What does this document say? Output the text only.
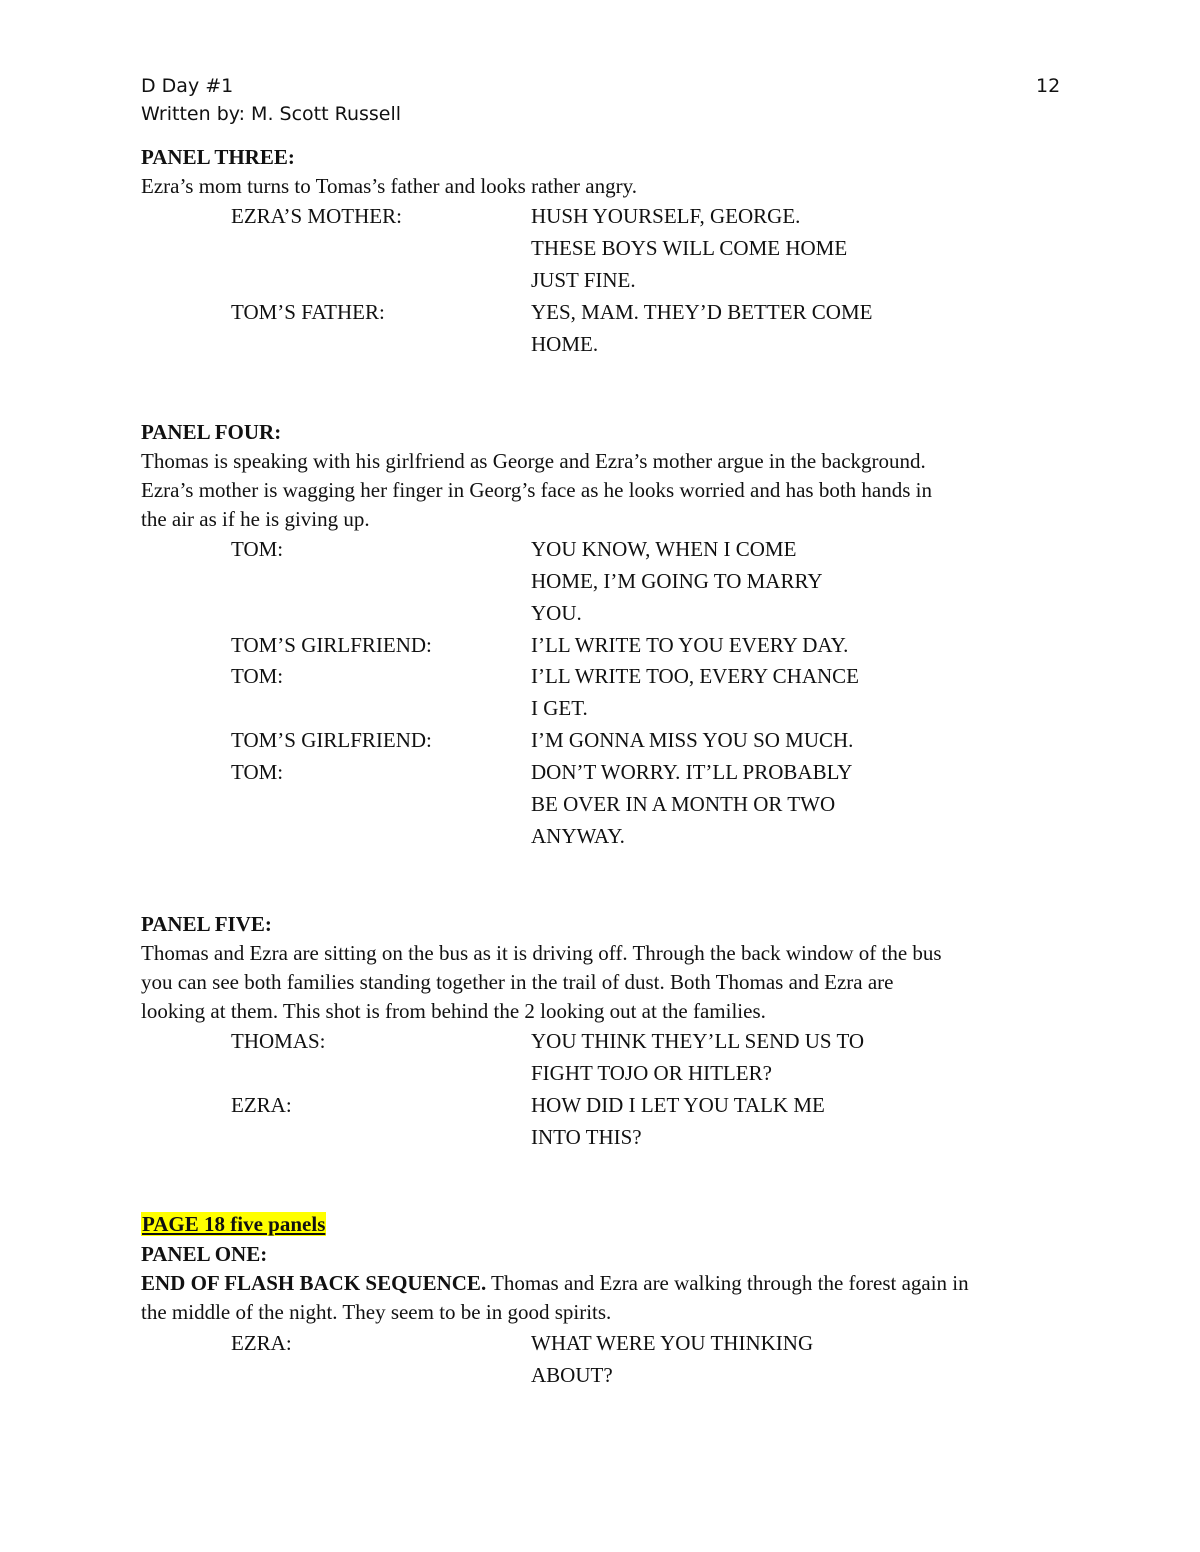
D Day #1
Written by: M. Scott Russell
12
PANEL THREE:
Ezra’s mom turns to Tomas’s father and looks rather angry.
EZRA’S MOTHER:	HUSH YOURSELF, GEORGE.
THESE BOYS WILL COME HOME
JUST FINE.
TOM’S FATHER:	YES, MAM. THEY’D BETTER COME
HOME.
PANEL FOUR:
Thomas is speaking with his girlfriend as George and Ezra’s mother argue in the background.
Ezra’s mother is wagging her finger in Georg’s face as he looks worried and has both hands in
the air as if he is giving up.
TOM:	YOU KNOW, WHEN I COME
HOME, I’M GOING TO MARRY
YOU.
TOM’S GIRLFRIEND:	I’LL WRITE TO YOU EVERY DAY.
TOM:	I’LL WRITE TOO, EVERY CHANCE
I GET.
TOM’S GIRLFRIEND:	I’M GONNA MISS YOU SO MUCH.
TOM:	DON’T WORRY. IT’LL PROBABLY
BE OVER IN A MONTH OR TWO
ANYWAY.
PANEL FIVE:
Thomas and Ezra are sitting on the bus as it is driving off. Through the back window of the bus
you can see both families standing together in the trail of dust. Both Thomas and Ezra are
looking at them. This shot is from behind the 2 looking out at the families.
THOMAS:	YOU THINK THEY’LL SEND US TO
FIGHT TOJO OR HITLER?
EZRA:	HOW DID I LET YOU TALK ME
INTO THIS?
PAGE 18 five panels
PANEL ONE:
END OF FLASH BACK SEQUENCE. Thomas and Ezra are walking through the forest again in
the middle of the night. They seem to be in good spirits.
EZRA:	WHAT WERE YOU THINKING
ABOUT?
